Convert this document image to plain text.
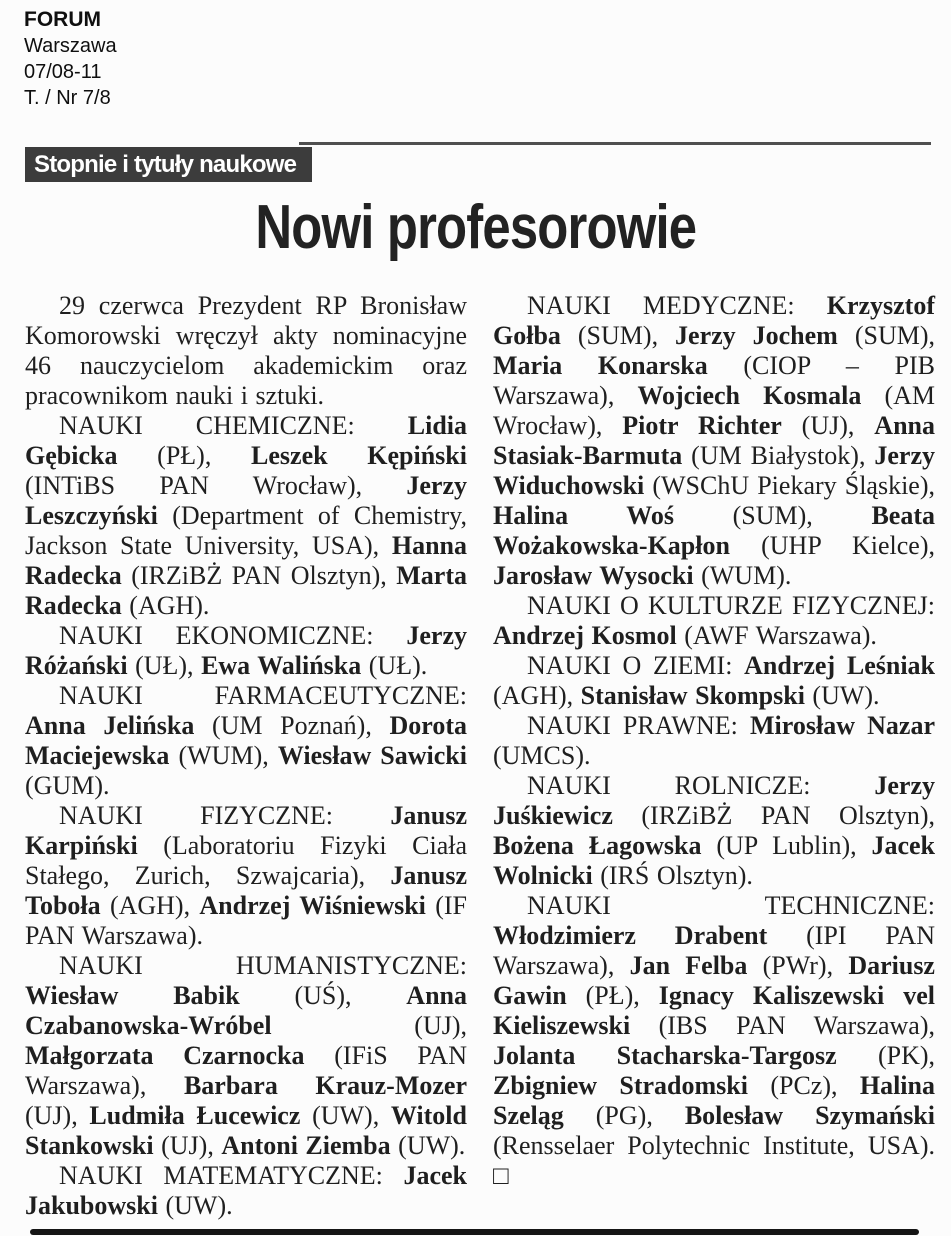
FORUM
Warszawa
07/08-11
T. / Nr 7/8
Stopnie i tytuły naukowe
Nowi profesorowie

29 czerwca Prezydent RP Bronisław Komorowski wręczył akty nominacyjne 46 nauczycielom akademickim oraz pracownikom nauki i sztuki.

NAUKI CHEMICZNE: Lidia Gębicka (PŁ), Leszek Kępiński (INTiBS PAN Wrocław), Jerzy Leszczyński (Department of Chemistry, Jackson State University, USA), Hanna Radecka (IRZiBŻ PAN Olsztyn), Marta Radecka (AGH).

NAUKI EKONOMICZNE: Jerzy Różański (UŁ), Ewa Walińska (UŁ).

NAUKI FARMACEUTYCZNE: Anna Jelińska (UM Poznań), Dorota Maciejewska (WUM), Wiesław Sawicki (GUM).

NAUKI FIZYCZNE: Janusz Karpiński (Laboratoriu Fizyki Ciała Stałego, Zurich, Szwajcaria), Janusz Toboła (AGH), Andrzej Wiśniewski (IF PAN Warszawa).

NAUKI HUMANISTYCZNE: Wiesław Babik (UŚ), Anna Czabanowska-Wróbel (UJ), Małgorzata Czarnocka (IFiS PAN Warszawa), Barbara Krauz-Mozer (UJ), Ludmiła Łucewicz (UW), Witold Stankowski (UJ), Antoni Ziemba (UW).

NAUKI MATEMATYCZNE: Jacek Jakubowski (UW).

NAUKI MEDYCZNE: Krzysztof Gołba (SUM), Jerzy Jochem (SUM), Maria Konarska (CIOP – PIB Warszawa), Wojciech Kosmala (AM Wrocław), Piotr Richter (UJ), Anna Stasiak-Barmuta (UM Białystok), Jerzy Widuchowski (WSChU Piekary Śląskie), Halina Woś (SUM), Beata Wożakowska-Kapłon (UHP Kielce), Jarosław Wysocki (WUM).

NAUKI O KULTURZE FIZYCZNEJ: Andrzej Kosmol (AWF Warszawa).

NAUKI O ZIEMI: Andrzej Leśniak (AGH), Stanisław Skompski (UW).

NAUKI PRAWNE: Mirosław Nazar (UMCS).

NAUKI ROLNICZE: Jerzy Juśkiewicz (IRZiBŻ PAN Olsztyn), Bożena Łagowska (UP Lublin), Jacek Wolnicki (IRŚ Olsztyn).

NAUKI TECHNICZNE: Włodzimierz Drabent (IPI PAN Warszawa), Jan Felba (PWr), Dariusz Gawin (PŁ), Ignacy Kaliszewski vel Kieliszewski (IBS PAN Warszawa), Jolanta Stacharska-Targosz (PK), Zbigniew Stradomski (PCz), Halina Szeląg (PG), Bolesław Szymański (Rensselaer Polytechnic Institute, USA). □
